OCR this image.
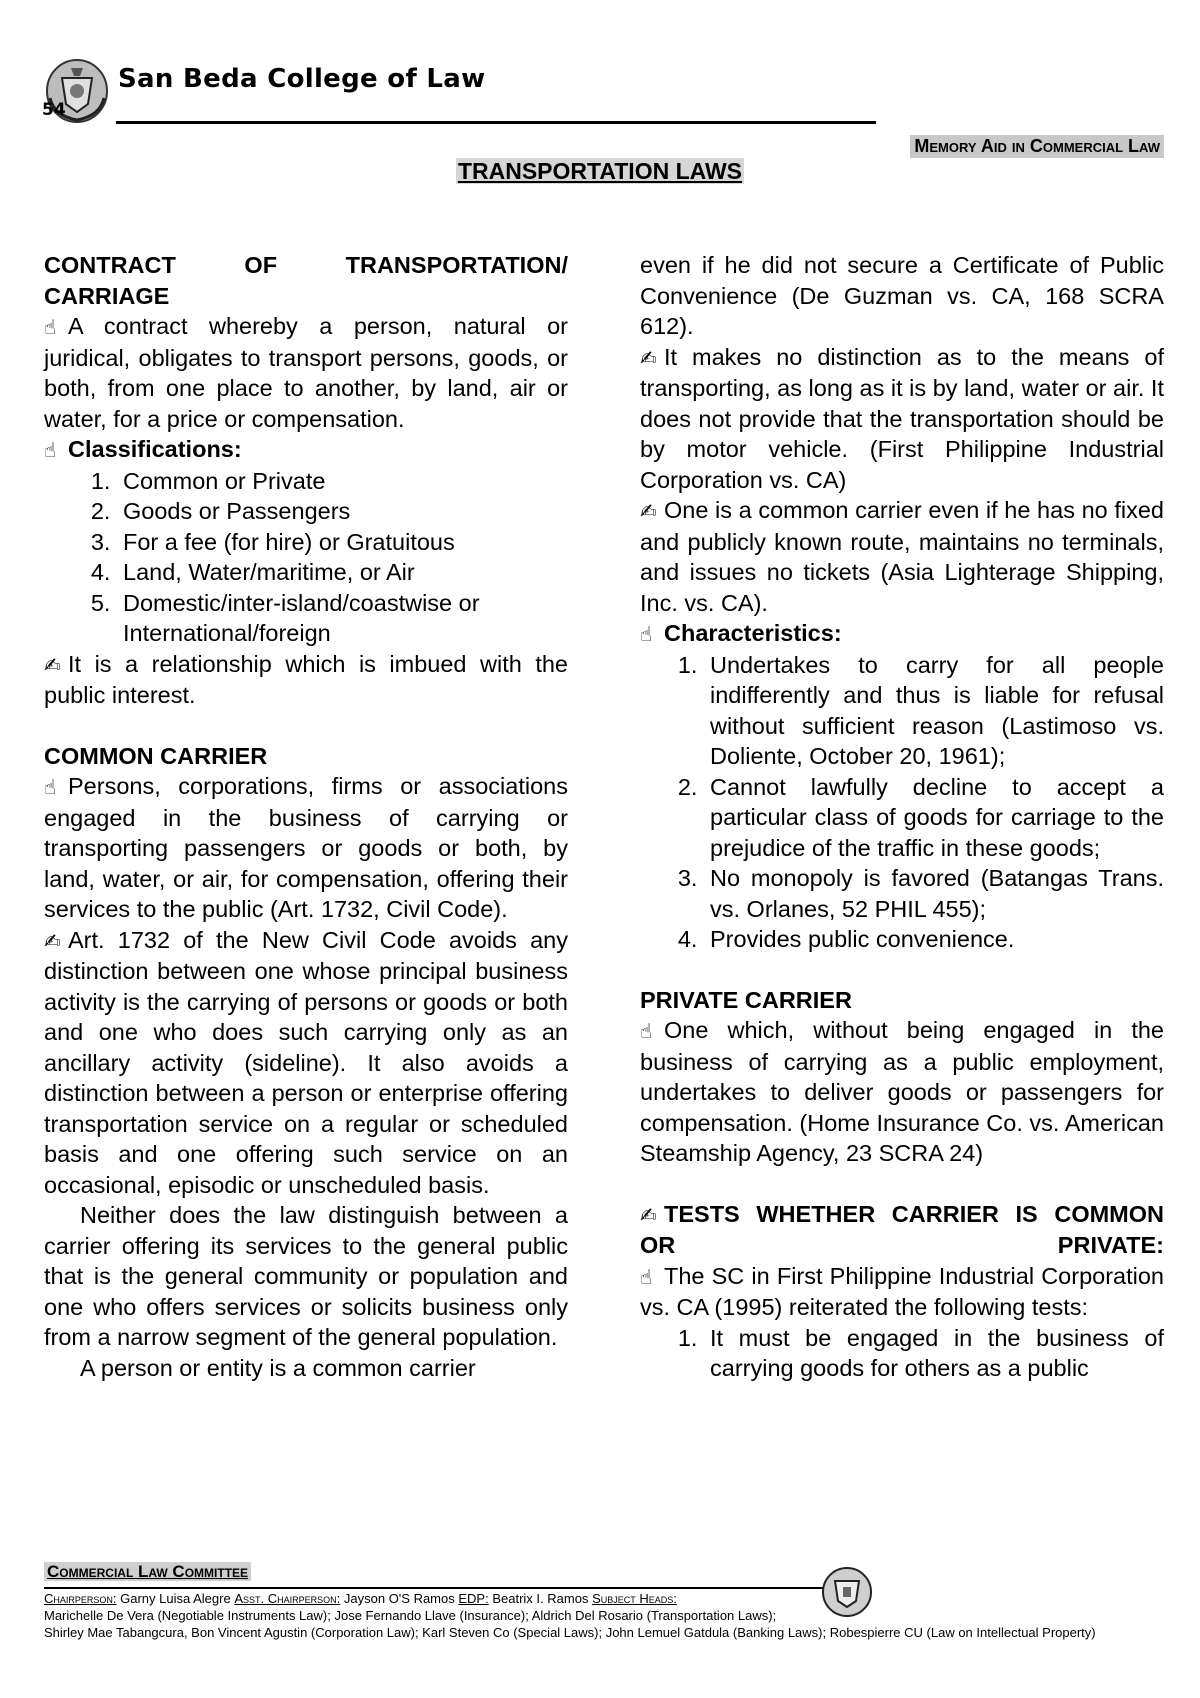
54
San Beda College of Law
Memory Aid in Commercial Law
TRANSPORTATION LAWS
CONTRACT OF TRANSPORTATION/ CARRIAGE

☝ A contract whereby a person, natural or juridical, obligates to transport persons, goods, or both, from one place to another, by land, air or water, for a price or compensation.

☝ Classifications:

1. Common or Private
2. Goods or Passengers
3. For a fee (for hire) or Gratuitous
4. Land, Water/maritime, or Air
5. Domestic/inter-island/coastwise or International/foreign

✍ It is a relationship which is imbued with the public interest.

COMMON CARRIER

☝ Persons, corporations, firms or associations engaged in the business of carrying or transporting passengers or goods or both, by land, water, or air, for compensation, offering their services to the public (Art. 1732, Civil Code).

✍ Art. 1732 of the New Civil Code avoids any distinction between one whose principal business activity is the carrying of persons or goods or both and one who does such carrying only as an ancillary activity (sideline). It also avoids a distinction between a person or enterprise offering transportation service on a regular or scheduled basis and one offering such service on an occasional, episodic or unscheduled basis.

Neither does the law distinguish between a carrier offering its services to the general public that is the general community or population and one who offers services or solicits business only from a narrow segment of the general population.

A person or entity is a common carrier

even if he did not secure a Certificate of Public Convenience (De Guzman vs. CA, 168 SCRA 612).

✍ It makes no distinction as to the means of transporting, as long as it is by land, water or air. It does not provide that the transportation should be by motor vehicle. (First Philippine Industrial Corporation vs. CA)

✍ One is a common carrier even if he has no fixed and publicly known route, maintains no terminals, and issues no tickets (Asia Lighterage Shipping, Inc. vs. CA).

☝ Characteristics:

1. Undertakes to carry for all people indifferently and thus is liable for refusal without sufficient reason (Lastimoso vs. Doliente, October 20, 1961);
2. Cannot lawfully decline to accept a particular class of goods for carriage to the prejudice of the traffic in these goods;
3. No monopoly is favored (Batangas Trans. vs. Orlanes, 52 PHIL 455);
4. Provides public convenience.
PRIVATE CARRIER

☝ One which, without being engaged in the business of carrying as a public employment, undertakes to deliver goods or passengers for compensation. (Home Insurance Co. vs. American Steamship Agency, 23 SCRA 24)

✍ TESTS WHETHER CARRIER IS COMMON OR PRIVATE:

☝ The SC in First Philippine Industrial Corporation vs. CA (1995) reiterated the following tests:

1. It must be engaged in the business of carrying goods for others as a public
Commercial Law Committee
Chairperson: Garny Luisa Alegre Asst. Chairperson: Jayson O'S Ramos EDP: Beatrix I. Ramos Subject Heads:
Marichelle De Vera (Negotiable Instruments Law); Jose Fernando Llave (Insurance); Aldrich Del Rosario (Transportation Laws);
Shirley Mae Tabangcura, Bon Vincent Agustin (Corporation Law); Karl Steven Co (Special Laws); John Lemuel Gatdula (Banking Laws); Robespierre CU (Law on Intellectual Property)
